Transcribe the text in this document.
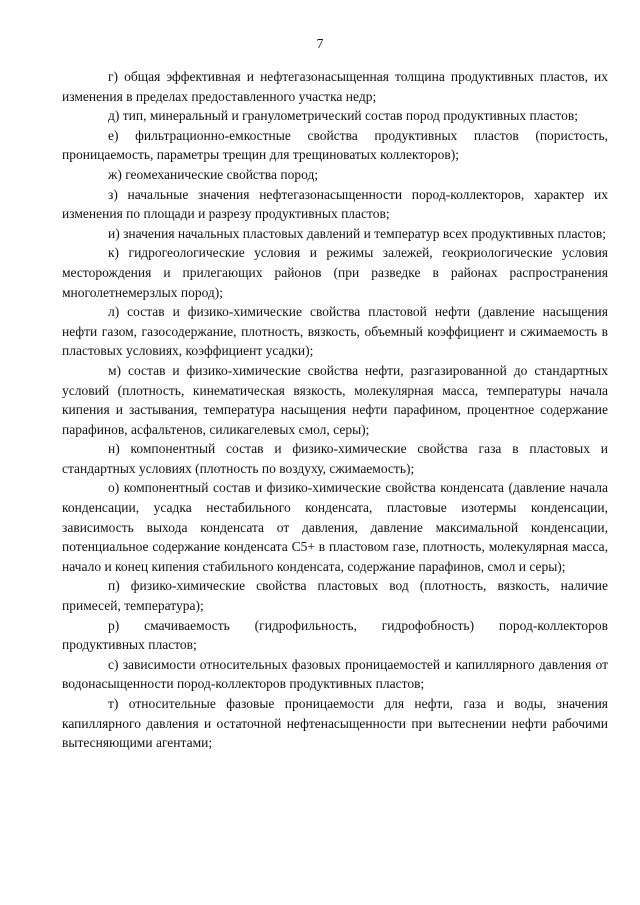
7

г) общая эффективная и нефтегазонасыщенная толщина продуктивных пластов, их изменения в пределах предоставленного участка недр;

д) тип, минеральный и гранулометрический состав пород продуктивных пластов;

е) фильтрационно-емкостные свойства продуктивных пластов (пористость, проницаемость, параметры трещин для трещиноватых коллекторов);

ж) геомеханические свойства пород;

з) начальные значения нефтегазонасыщенности пород-коллекторов, характер их изменения по площади и разрезу продуктивных пластов;

и) значения начальных пластовых давлений и температур всех продуктивных пластов;

к) гидрогеологические условия и режимы залежей, геокриологические условия месторождения и прилегающих районов (при разведке в районах распространения многолетнемерзлых пород);

л) состав и физико-химические свойства пластовой нефти (давление насыщения нефти газом, газосодержание, плотность, вязкость, объемный коэффициент и сжимаемость в пластовых условиях, коэффициент усадки);

м) состав и физико-химические свойства нефти, разгазированной до стандартных условий (плотность, кинематическая вязкость, молекулярная масса, температуры начала кипения и застывания, температура насыщения нефти парафином, процентное содержание парафинов, асфальтенов, силикагелевых смол, серы);

н) компонентный состав и физико-химические свойства газа в пластовых и стандартных условиях (плотность по воздуху, сжимаемость);

о) компонентный состав и физико-химические свойства конденсата (давление начала конденсации, усадка нестабильного конденсата, пластовые изотермы конденсации, зависимость выхода конденсата от давления, давление максимальной конденсации, потенциальное содержание конденсата С5+ в пластовом газе, плотность, молекулярная масса, начало и конец кипения стабильного конденсата, содержание парафинов, смол и серы);

п) физико-химические свойства пластовых вод (плотность, вязкость, наличие примесей, температура);

р) смачиваемость (гидрофильность, гидрофобность) пород-коллекторов продуктивных пластов;

с) зависимости относительных фазовых проницаемостей и капиллярного давления от водонасыщенности пород-коллекторов продуктивных пластов;

т) относительные фазовые проницаемости для нефти, газа и воды, значения капиллярного давления и остаточной нефтенасыщенности при вытеснении нефти рабочими вытесняющими агентами;
